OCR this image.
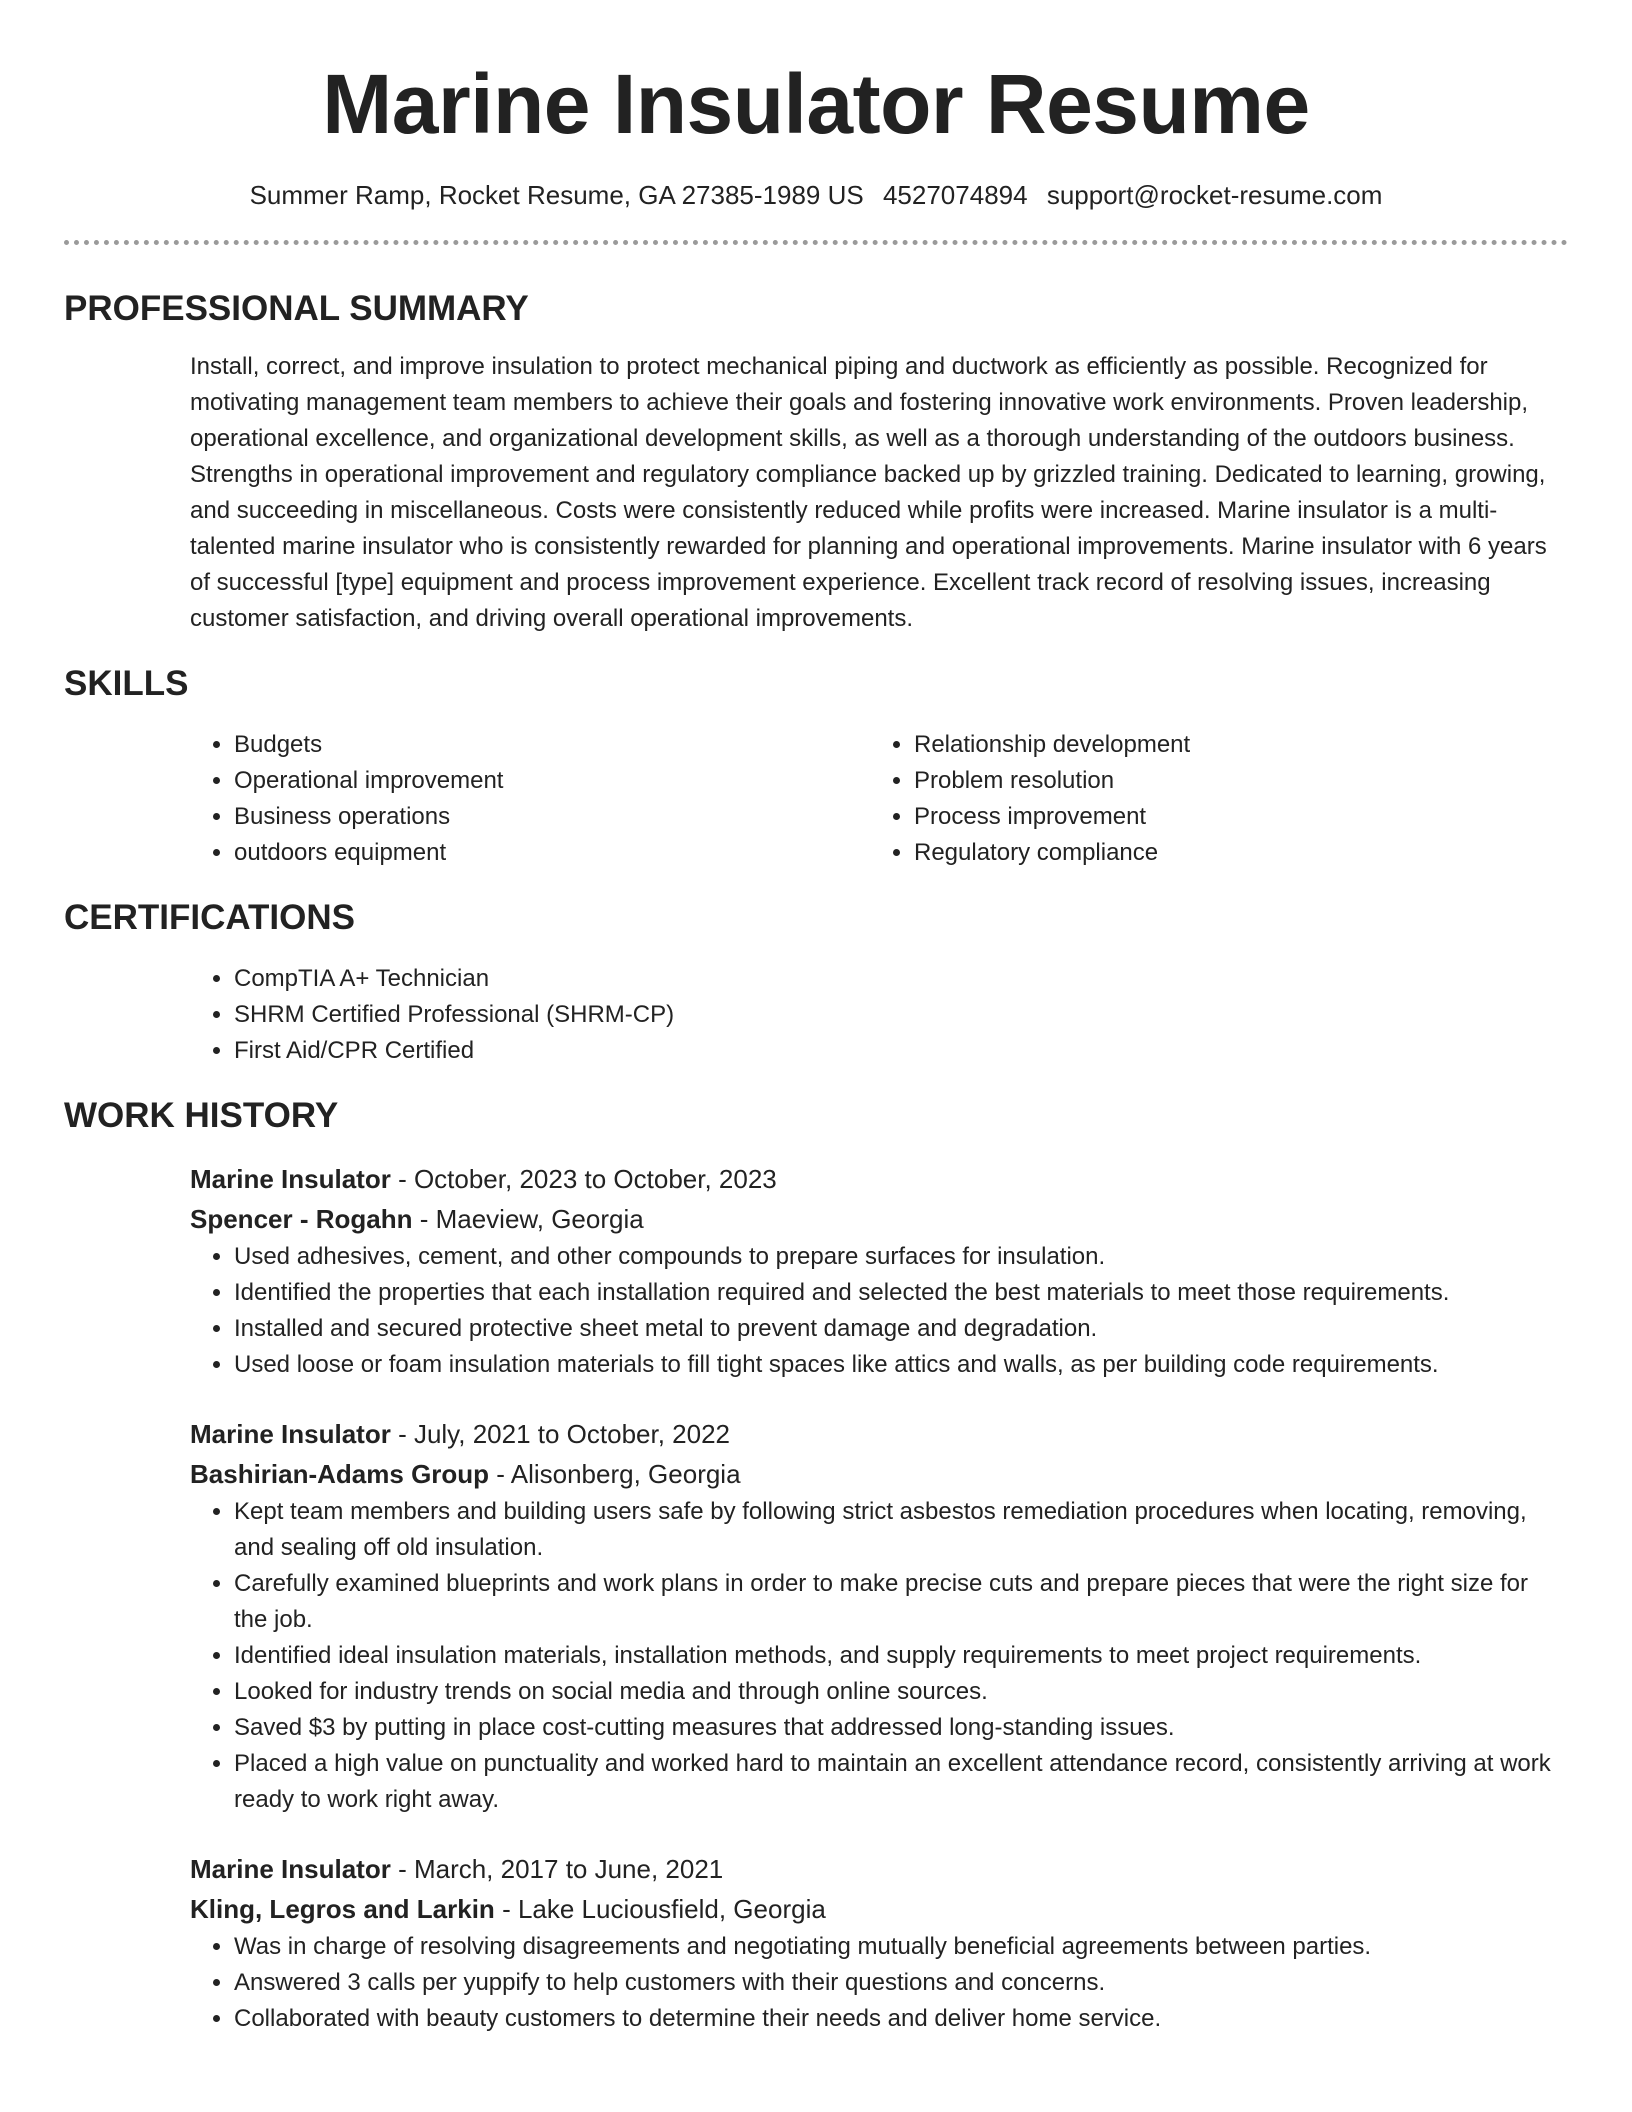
Marine Insulator Resume
Summer Ramp, Rocket Resume, GA 27385-1989 US 4527074894 support@rocket-resume.com
PROFESSIONAL SUMMARY

Install, correct, and improve insulation to protect mechanical piping and ductwork as efficiently as possible. Recognized for motivating management team members to achieve their goals and fostering innovative work environments. Proven leadership, operational excellence, and organizational development skills, as well as a thorough understanding of the outdoors business. Strengths in operational improvement and regulatory compliance backed up by grizzled training. Dedicated to learning, growing, and succeeding in miscellaneous. Costs were consistently reduced while profits were increased. Marine insulator is a multi-talented marine insulator who is consistently rewarded for planning and operational improvements. Marine insulator with 6 years of successful [type] equipment and process improvement experience. Excellent track record of resolving issues, increasing customer satisfaction, and driving overall operational improvements.

SKILLS
• Budgets
• Operational improvement
• Business operations
• outdoors equipment
• Relationship development
• Problem resolution
• Process improvement
• Regulatory compliance
CERTIFICATIONS
• CompTIA A+ Technician
• SHRM Certified Professional (SHRM-CP)
• First Aid/CPR Certified
WORK HISTORY
Marine Insulator - October, 2023 to October, 2023
Spencer - Rogahn - Maeview, Georgia
• Used adhesives, cement, and other compounds to prepare surfaces for insulation.
• Identified the properties that each installation required and selected the best materials to meet those requirements.
• Installed and secured protective sheet metal to prevent damage and degradation.
• Used loose or foam insulation materials to fill tight spaces like attics and walls, as per building code requirements.
Marine Insulator - July, 2021 to October, 2022
Bashirian-Adams Group - Alisonberg, Georgia
• Kept team members and building users safe by following strict asbestos remediation procedures when locating, removing, and sealing off old insulation.
• Carefully examined blueprints and work plans in order to make precise cuts and prepare pieces that were the right size for the job.
• Identified ideal insulation materials, installation methods, and supply requirements to meet project requirements.
• Looked for industry trends on social media and through online sources.
• Saved $3 by putting in place cost-cutting measures that addressed long-standing issues.
• Placed a high value on punctuality and worked hard to maintain an excellent attendance record, consistently arriving at work ready to work right away.
Marine Insulator - March, 2017 to June, 2021
Kling, Legros and Larkin - Lake Luciousfield, Georgia
• Was in charge of resolving disagreements and negotiating mutually beneficial agreements between parties.
• Answered 3 calls per yuppify to help customers with their questions and concerns.
• Collaborated with beauty customers to determine their needs and deliver home service.
